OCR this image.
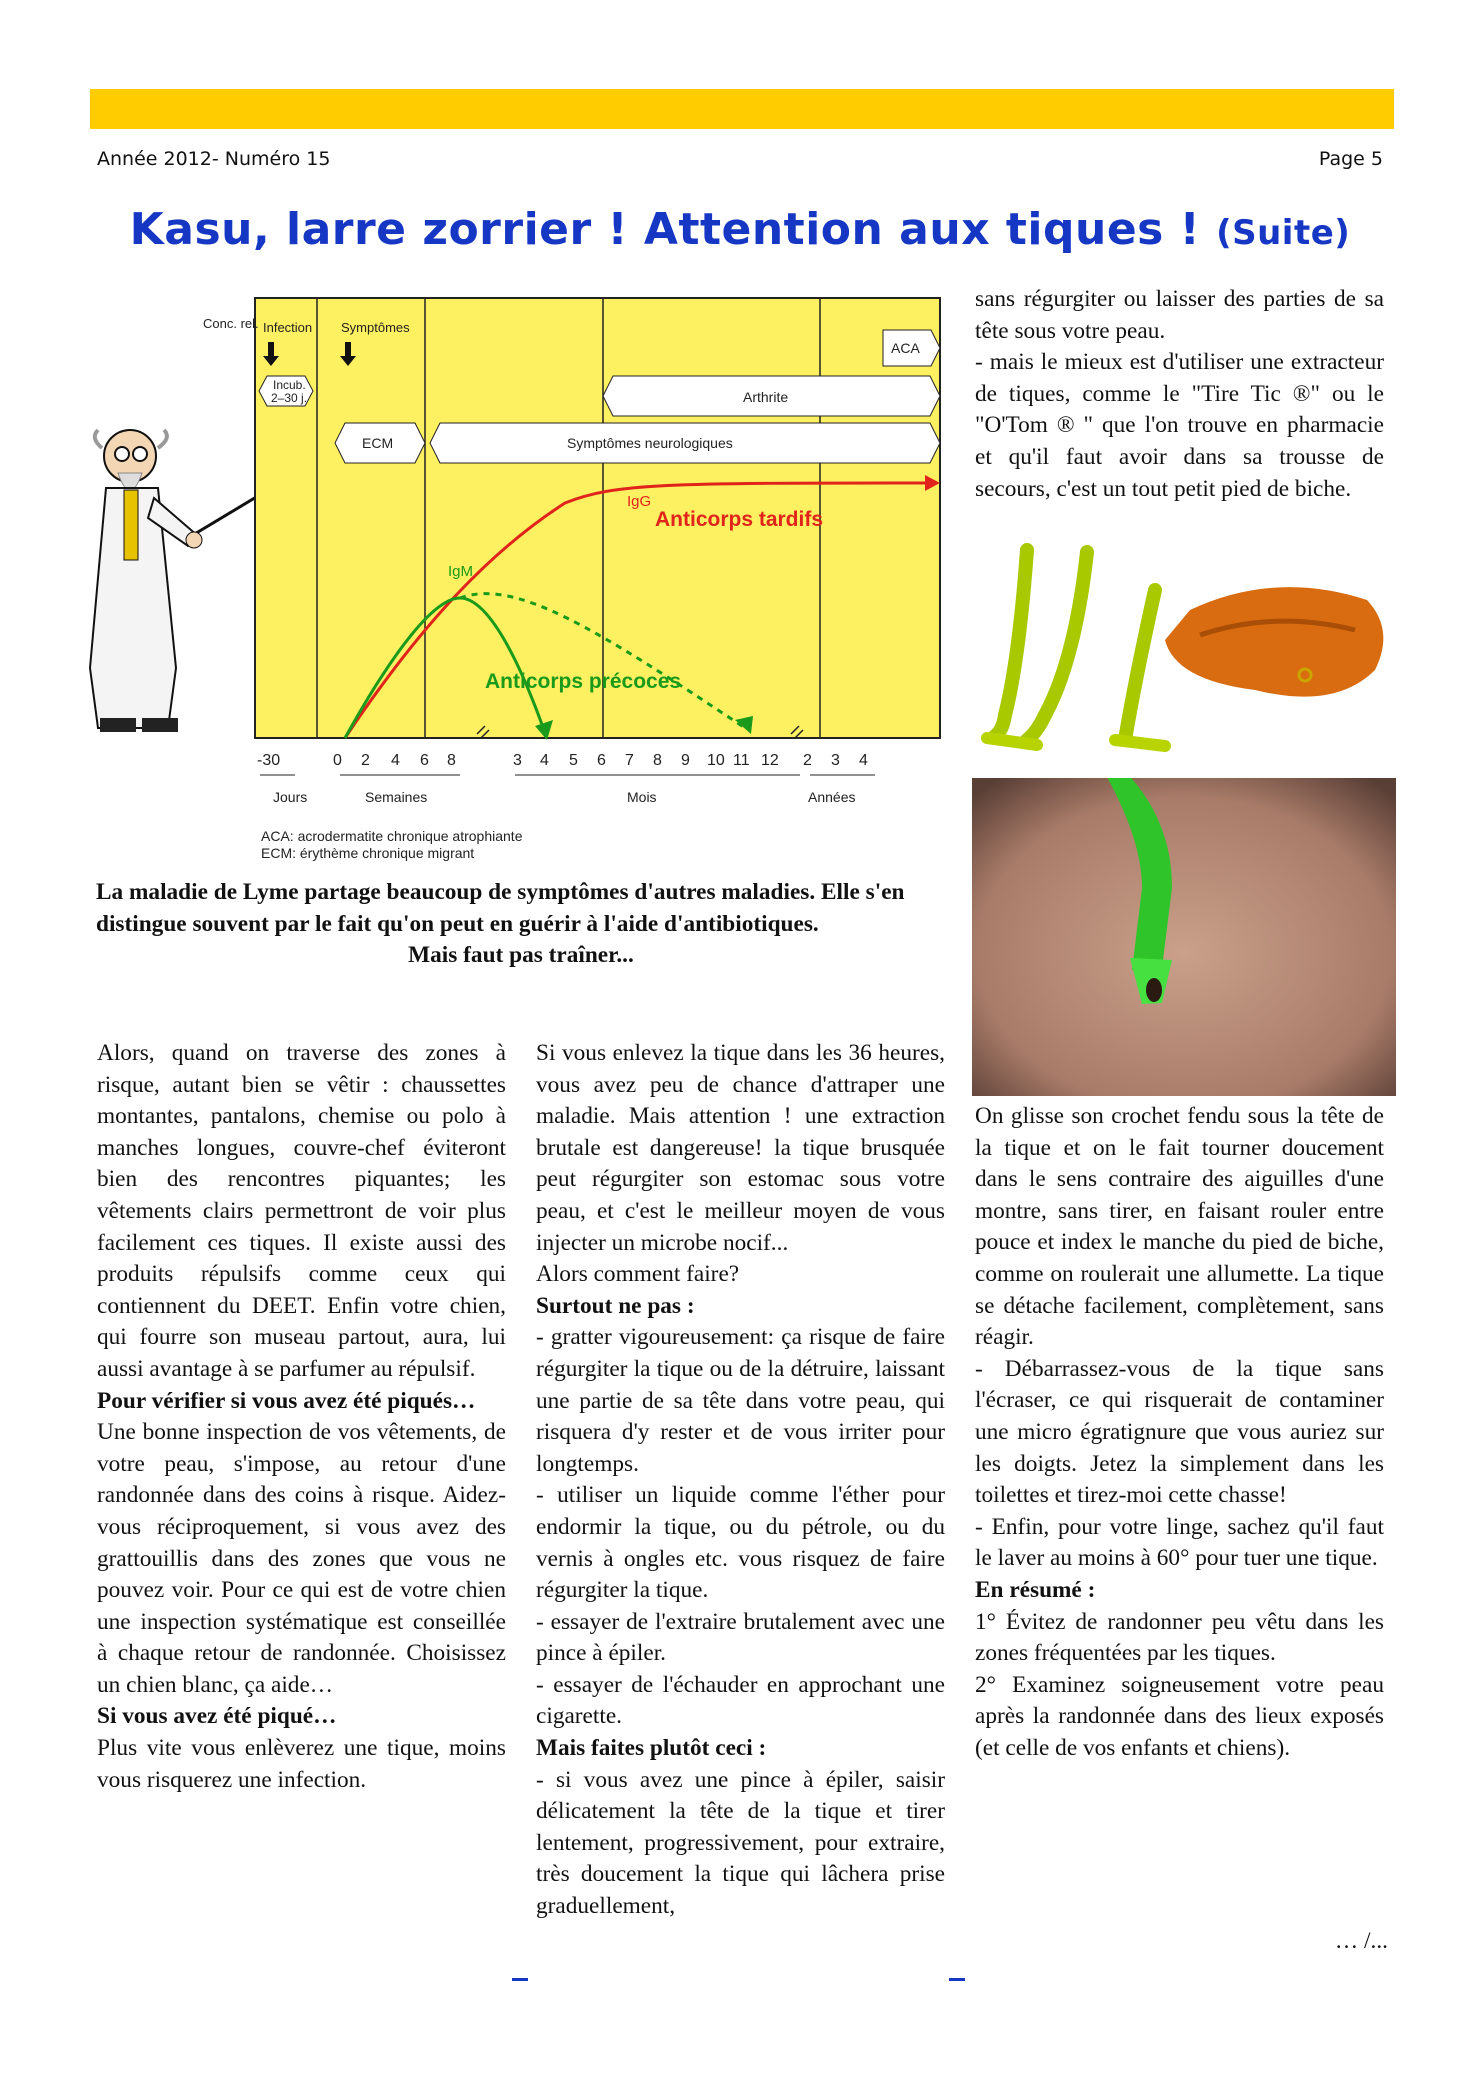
Année 2012- Numéro 15	Page 5
Kasu, larre zorrier ! Attention aux tiques ! (Suite)
Conc. rel. Infection Symptômes
Incub.
2–30 j.
ECM	Symptômes neurologiques
Arthrite
ACA
IgG
Anticorps tardifs
IgM
Anticorps précoces
-30	0 2 4 6 8	3 4 5 6 7 8 9 10 11 12 2 3 4
Jours	Semaines	Mois	Années
ACA: acrodermatite chronique atrophiante
ECM: érythème chronique migrant

La maladie de Lyme partage beaucoup de symptômes d'autres maladies. Elle s'en distingue souvent par le fait qu'on peut en guérir à l'aide d'antibiotiques.

Mais faut pas traîner...

Alors, quand on traverse des zones à risque, autant bien se vêtir : chaussettes montantes, pantalons, chemise ou polo à manches longues, couvre-chef éviteront bien des rencontres piquantes; les vêtements clairs permettront de voir plus facilement ces tiques. Il existe aussi des produits répulsifs comme ceux qui contiennent du DEET. Enfin votre chien, qui fourre son museau partout, aura, lui aussi avantage à se parfumer au répulsif.

Pour vérifier si vous avez été piqués…

Une bonne inspection de vos vêtements, de votre peau, s'impose, au retour d'une randonnée dans des coins à risque. Aidez-vous réciproquement, si vous avez des grattouillis dans des zones que vous ne pouvez voir. Pour ce qui est de votre chien une inspection systématique est conseillée à chaque retour de randonnée. Choisissez un chien blanc, ça aide…

Si vous avez été piqué…

Plus vite vous enlèverez une tique, moins vous risquerez une infection.

Si vous enlevez la tique dans les 36 heures, vous avez peu de chance d'attraper une maladie. Mais attention ! une extraction brutale est dangereuse! la tique brusquée peut régurgiter son estomac sous votre peau, et c'est le meilleur moyen de vous injecter un microbe nocif...

Alors comment faire?

Surtout ne pas :

- gratter vigoureusement: ça risque de faire régurgiter la tique ou de la détruire, laissant une partie de sa tête dans votre peau, qui risquera d'y rester et de vous irriter pour longtemps.

- utiliser un liquide comme l'éther pour endormir la tique, ou du pétrole, ou du vernis à ongles etc. vous risquez de faire régurgiter la tique.

- essayer de l'extraire brutalement avec une pince à épiler.

- essayer de l'échauder en approchant une cigarette.

Mais faites plutôt ceci :

- si vous avez une pince à épiler, saisir délicatement la tête de la tique et tirer lentement, progressivement, pour extraire, très doucement la tique qui lâchera prise graduellement,

sans régurgiter ou laisser des parties de sa tête sous votre peau.

- mais le mieux est d'utiliser une extracteur de tiques, comme le "Tire Tic ®" ou le "O'Tom ® " que l'on trouve en pharmacie et qu'il faut avoir dans sa trousse de secours, c'est un tout petit pied de biche.

On glisse son crochet fendu sous la tête de la tique et on le fait tourner doucement dans le sens contraire des aiguilles d'une montre, sans tirer, en faisant rouler entre pouce et index le manche du pied de biche, comme on roulerait une allumette. La tique se détache facilement, complètement, sans réagir.

- Débarrassez-vous de la tique sans l'écraser, ce qui risquerait de contaminer une micro égratignure que vous auriez sur les doigts. Jetez la simplement dans les toilettes et tirez-moi cette chasse!

- Enfin, pour votre linge, sachez qu'il faut le laver au moins à 60° pour tuer une tique.

En résumé :

1° Évitez de randonner peu vêtu dans les zones fréquentées par les tiques.

2° Examinez soigneusement votre peau après la randonnée dans des lieux exposés (et celle de vos enfants et chiens).

… /...
